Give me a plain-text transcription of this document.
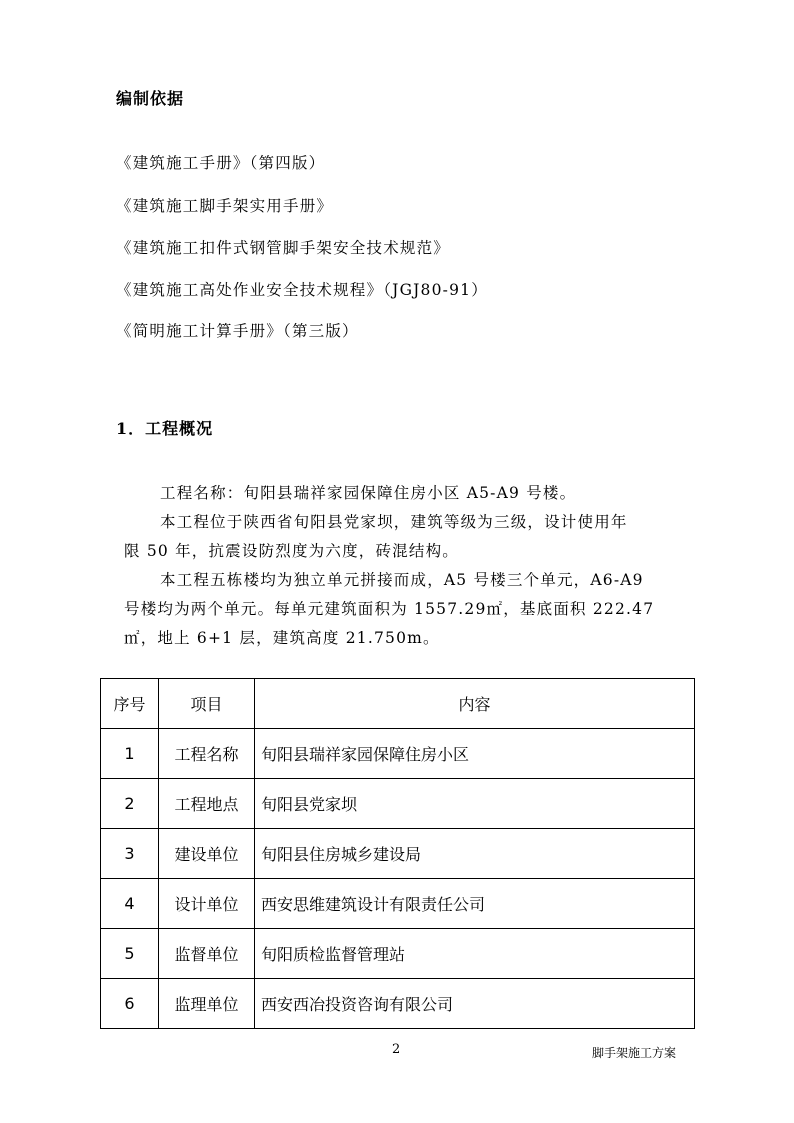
编制依据
《建筑施工手册》（第四版）
《建筑施工脚手架实用手册》
《建筑施工扣件式钢管脚手架安全技术规范》
《建筑施工高处作业安全技术规程》（JGJ80-91）
《简明施工计算手册》（第三版）
1．工程概况
工程名称：旬阳县瑞祥家园保障住房小区 A5-A9 号楼。
本工程位于陕西省旬阳县党家坝，建筑等级为三级，设计使用年
限 50 年，抗震设防烈度为六度，砖混结构。
本工程五栋楼均为独立单元拼接而成，A5 号楼三个单元，A6-A9
号楼均为两个单元。每单元建筑面积为 1557.29㎡，基底面积 222.47
㎡，地上 6+1 层，建筑高度 21.750m。
序号	项目	内容
1	工程名称	旬阳县瑞祥家园保障住房小区
2	工程地点	旬阳县党家坝
3	建设单位	旬阳县住房城乡建设局
4	设计单位	西安思维建筑设计有限责任公司
5	监督单位	旬阳质检监督管理站
6	监理单位	西安西冶投资咨询有限公司
2	脚手架施工方案
